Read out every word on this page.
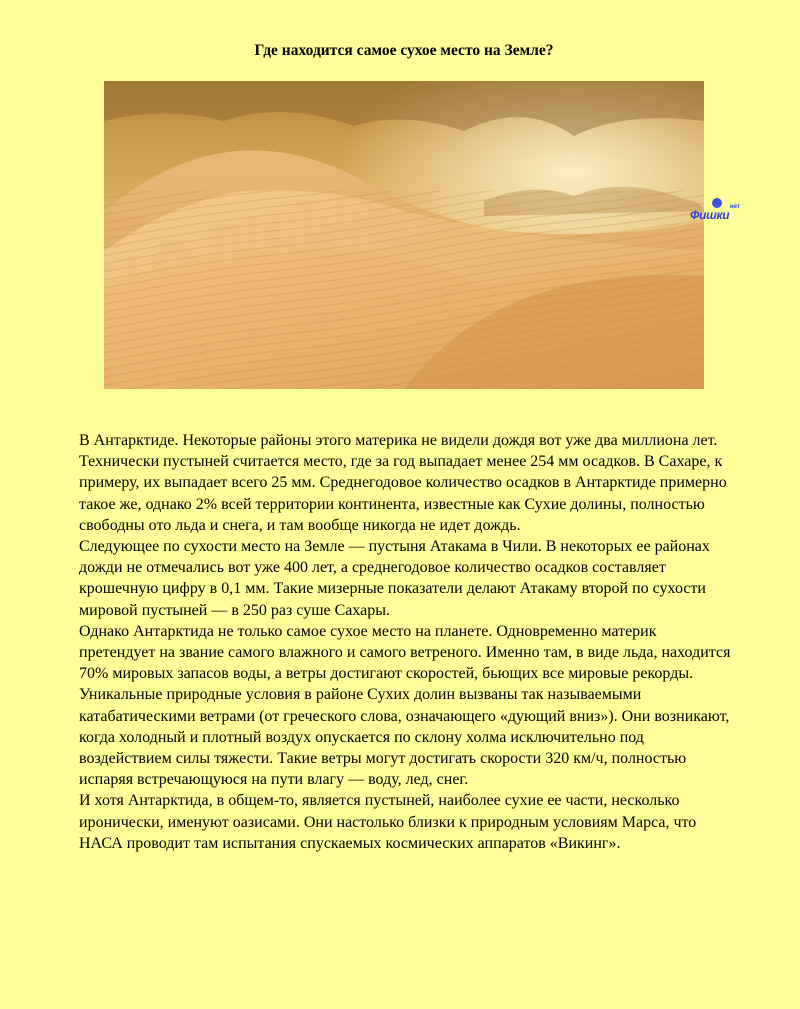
Где находится самое сухое место на Земле?
Фишки
нет

В Антарктиде. Некоторые районы этого материка не видели дождя вот уже два миллиона лет.

Технически пустыней считается место, где за год выпадает менее 254 мм осадков. В Сахаре, к примеру, их выпадает всего 25 мм. Среднегодовое количество осадков в Антарктиде примерно такое же, однако 2% всей территории континента, известные как Сухие долины, полностью свободны ото льда и снега, и там вообще никогда не идет дождь.

Следующее по сухости место на Земле — пустыня Атакама в Чили. В некоторых ее районах дожди не отмечались вот уже 400 лет, а среднегодовое количество осадков составляет крошечную цифру в 0,1 мм. Такие мизерные показатели делают Атакаму второй по сухости мировой пустыней — в 250 раз суше Сахары.

Однако Антарктида не только самое сухое место на планете. Одновременно материк претендует на звание самого влажного и самого ветреного. Именно там, в виде льда, находится 70% мировых запасов воды, а ветры достигают скоростей, бьющих все мировые рекорды.

Уникальные природные условия в районе Сухих долин вызваны так называемыми катабатическими ветрами (от греческого слова, означающего «дующий вниз»). Они возникают, когда холодный и плотный воздух опускается по склону холма исключительно под воздействием силы тяжести. Такие ветры могут достигать скорости 320 км/ч, полностью испаряя встречающуюся на пути влагу — воду, лед, снег.

И хотя Антарктида, в общем-то, является пустыней, наиболее сухие ее части, несколько иронически, именуют оазисами. Они настолько близки к природным условиям Марса, что НАСА проводит там испытания спускаемых космических аппаратов «Викинг».
